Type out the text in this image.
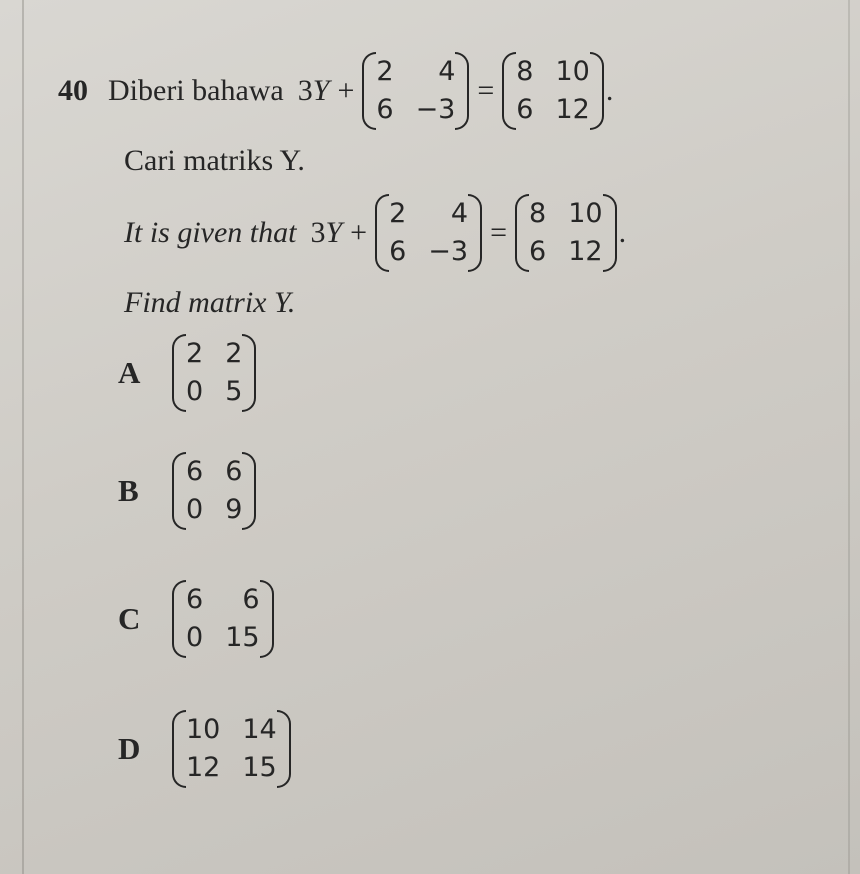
40 Diberi bahawa 3 Y +
2	4
6 −3
=
8 10
6 12
.
Cari matriks Y.
It is given that 3 Y +
2	4
6 −3
=
8 10
6 12
.
Find matrix Y.
A
2 2
0 5
B
6 6
0 9
C
6	6
0 15
D
10 14
12 15
